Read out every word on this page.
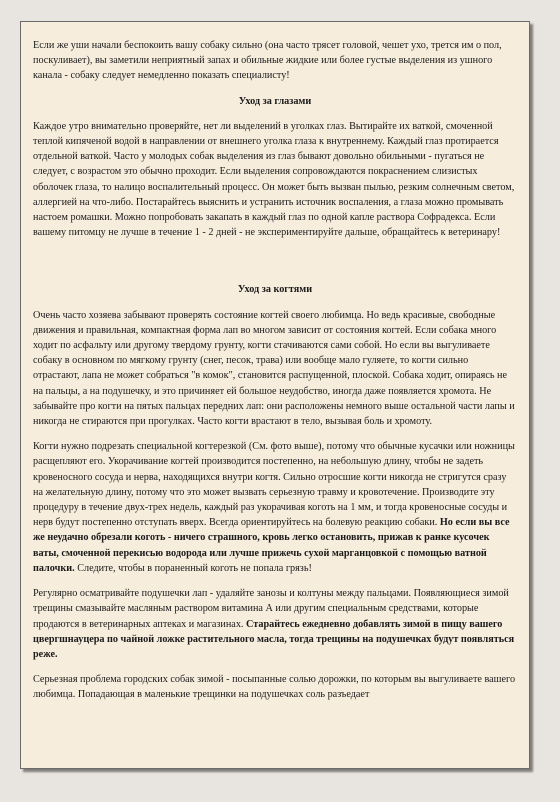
Если же уши начали беспокоить вашу собаку сильно (она часто трясет головой, чешет ухо, трется им о пол, поскуливает), вы заметили неприятный запах и обильные жидкие или более густые выделения из ушного канала - собаку следует немедленно показать специалисту!

Уход за глазами

Каждое утро внимательно проверяйте, нет ли выделений в уголках глаз. Вытирайте их ваткой, смоченной теплой кипяченой водой в направлении от внешнего уголка глаза к внутреннему. Каждый глаз протирается отдельной ваткой. Часто у молодых собак выделения из глаз бывают довольно обильными - пугаться не следует, с возрастом это обычно проходит. Если выделения сопровождаются покраснением слизистых оболочек глаза, то налицо воспалительный процесс. Он может быть вызван пылью, резким солнечным светом, аллергией на что-либо. Постарайтесь выяснить и устранить источник воспаления, а глаза можно промывать настоем ромашки. Можно попробовать закапать в каждый глаз по одной капле раствора Софрадекса. Если вашему питомцу не лучше в течение 1 - 2 дней - не экспериментируйте дальше, обращайтесь к ветеринару!

Уход за когтями

Очень часто хозяева забывают проверять состояние когтей своего любимца. Но ведь красивые, свободные движения и правильная, компактная форма лап во многом зависит от состояния когтей. Если собака много ходит по асфальту или другому твердому грунту, когти стачиваются сами собой. Но если вы выгуливаете собаку в основном по мягкому грунту (снег, песок, трава) или вообще мало гуляете, то когти сильно отрастают, лапа не может собраться "в комок", становится распущенной, плоской. Собака ходит, опираясь не на пальцы, а на подушечку, и это причиняет ей большое неудобство, иногда даже появляется хромота. Не забывайте про когти на пятых пальцах передних лап: они расположены немного выше остальной части лапы и никогда не стираются при прогулках. Часто когти врастают в тело, вызывая боль и хромоту.

Когти нужно подрезать специальной когтерезкой (См. фото выше), потому что обычные кусачки или ножницы расщепляют его. Укорачивание когтей производится постепенно, на небольшую длину, чтобы не задеть кровеносного сосуда и нерва, находящихся внутри когтя. Сильно отросшие когти никогда не стригутся сразу на желательную длину, потому что это может вызвать серьезную травму и кровотечение. Производите эту процедуру в течение двух-трех недель, каждый раз укорачивая коготь на 1 мм, и тогда кровеносные сосуды и нерв будут постепенно отступать вверх. Всегда ориентируйтесь на болевую реакцию собаки. Но если вы все же неудачно обрезали коготь - ничего страшного, кровь легко остановить, прижав к ранке кусочек ваты, смоченной перекисью водорода или лучше прижечь сухой марганцовкой с помощью ватной палочки. Следите, чтобы в пораненный коготь не попала грязь!

Регулярно осматривайте подушечки лап - удаляйте занозы и колтуны между пальцами. Появляющиеся зимой трещины смазывайте масляным раствором витамина А или другим специальным средствами, которые продаются в ветеринарных аптеках и магазинах. Старайтесь ежедневно добавлять зимой в пищу вашего цвергшнауцера по чайной ложке растительного масла, тогда трещины на подушечках будут появляться реже.

Серьезная проблема городских собак зимой - посыпанные солью дорожки, по которым вы выгуливаете вашего любимца. Попадающая в маленькие трещинки на подушечках соль разъедает
